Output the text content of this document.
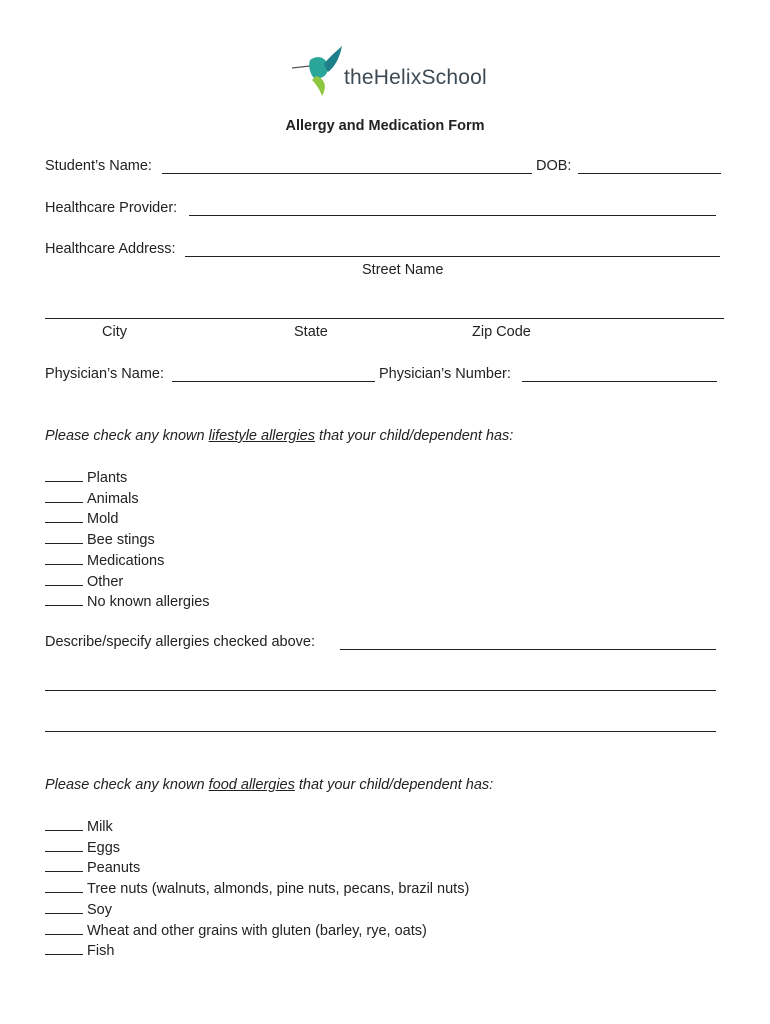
theHelixSchool
Allergy and Medication Form
Student’s Name:	DOB:
Healthcare Provider:
Healthcare Address:
Street Name
City	State	Zip Code
Physician’s Name:	Physician’s Number:
Please check any known lifestyle allergies that your child/dependent has:
Plants
Animals
Mold
Bee stings
Medications
Other
No known allergies
Describe/specify allergies checked above:
Please check any known food allergies that your child/dependent has:
Milk
Eggs
Peanuts
Tree nuts (walnuts, almonds, pine nuts, pecans, brazil nuts)
Soy
Wheat and other grains with gluten (barley, rye, oats)
Fish
